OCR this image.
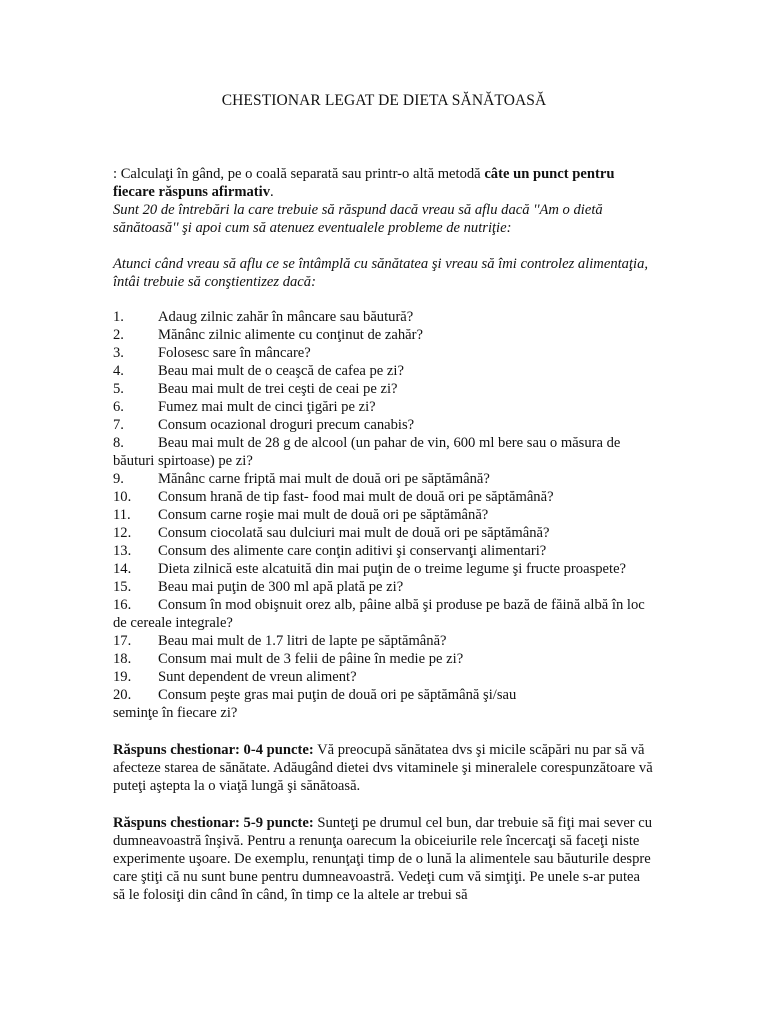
CHESTIONAR LEGAT DE DIETA SĂNĂTOASĂ

: Calculaţi în gând, pe o coală separată sau printr-o altă metodă câte un punct pentru fiecare răspuns afirmativ.

Sunt 20 de întrebări la care trebuie să răspund dacă vreau să aflu dacă ''Am o dietă sănătoasă'' şi apoi cum să atenuez eventualele probleme de nutriţie:

Atunci când vreau să aflu ce se întâmplă cu sănătatea şi vreau să îmi controlez alimentaţia, întâi trebuie să conştientizez dacă:

1.	Adaug zilnic zahăr în mâncare sau băutură?
2.	Mănânc zilnic alimente cu conţinut de zahăr?
3.	Folosesc sare în mâncare?
4.	Beau mai mult de o ceaşcă de cafea pe zi?
5.	Beau mai mult de trei ceşti de ceai pe zi?
6.	Fumez mai mult de cinci ţigări pe zi?
7.	Consum ocazional droguri precum canabis?
8.	Beau mai mult de 28 g de alcool (un pahar de vin, 600 ml bere sau o măsura de băuturi spirtoase) pe zi?
9.	Mănânc carne friptă mai mult de două ori pe săptămână?
10.	Consum hrană de tip fast- food mai mult de două ori pe săptămână?
11.	Consum carne roşie mai mult de două ori pe săptămână?
12.	Consum ciocolată sau dulciuri mai mult de două ori pe săptămână?
13.	Consum des alimente care conţin aditivi şi conservanţi alimentari?
14.	Dieta zilnică este alcatuită din mai puţin de o treime legume şi fructe proaspete?
15.	Beau mai puţin de 300 ml apă plată pe zi?
16.	Consum în mod obişnuit orez alb, pâine albă şi produse pe bază de făină albă în loc de cereale integrale?
17.	Beau mai mult de 1.7 litri de lapte pe săptămână?
18.	Consum mai mult de 3 felii de pâine în medie pe zi?
19.	Sunt dependent de vreun aliment?
20.	Consum peşte gras mai puţin de două ori pe săptămână şi/sau
seminţe în fiecare zi?

Răspuns chestionar: 0-4 puncte: Vă preocupă sănătatea dvs şi micile scăpări nu par să vă afecteze starea de sănătate. Adăugând dietei dvs vitaminele şi mineralele corespunzătoare vă puteţi aştepta la o viaţă lungă şi sănătoasă.

Răspuns chestionar: 5-9 puncte: Sunteţi pe drumul cel bun, dar trebuie să fiţi mai sever cu dumneavoastră înşivă. Pentru a renunţa oarecum la obiceiurile rele încercaţi să faceţi niste experimente uşoare. De exemplu, renunţaţi timp de o lună la alimentele sau băuturile despre care ştiţi că nu sunt bune pentru dumneavoastră. Vedeţi cum vă simţiţi. Pe unele s-ar putea să le folosiţi din când în când, în timp ce la altele ar trebui să
